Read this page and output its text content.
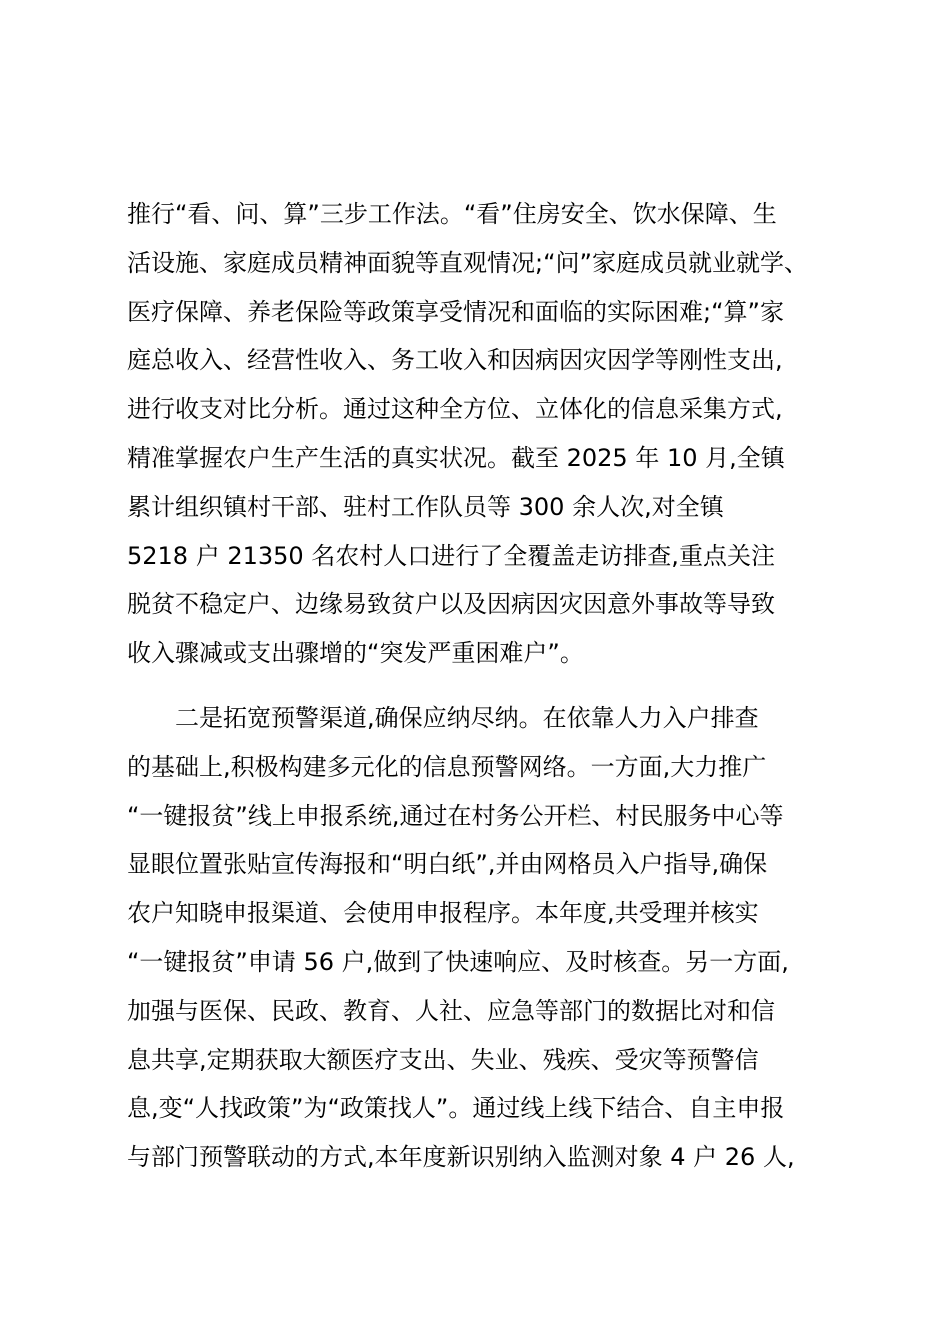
推行“看、问、算”三步工作法。“看”住房安全、饮水保障、生
活设施、家庭成员精神面貌等直观情况;“问”家庭成员就业就学、
医疗保障、养老保险等政策享受情况和面临的实际困难;“算”家
庭总收入、经营性收入、务工收入和因病因灾因学等刚性支出,
进行收支对比分析。通过这种全方位、立体化的信息采集方式,
精准掌握农户生产生活的真实状况。截至 2025 年 10 月,全镇
累计组织镇村干部、驻村工作队员等 300 余人次,对全镇
5218 户 21350 名农村人口进行了全覆盖走访排查,重点关注
脱贫不稳定户、边缘易致贫户以及因病因灾因意外事故等导致
收入骤减或支出骤增的“突发严重困难户”。
　　二是拓宽预警渠道,确保应纳尽纳。在依靠人力入户排查
的基础上,积极构建多元化的信息预警网络。一方面,大力推广
“一键报贫”线上申报系统,通过在村务公开栏、村民服务中心等
显眼位置张贴宣传海报和“明白纸”,并由网格员入户指导,确保
农户知晓申报渠道、会使用申报程序。本年度,共受理并核实
“一键报贫”申请 56 户,做到了快速响应、及时核查。另一方面,
加强与医保、民政、教育、人社、应急等部门的数据比对和信
息共享,定期获取大额医疗支出、失业、残疾、受灾等预警信
息,变“人找政策”为“政策找人”。通过线上线下结合、自主申报
与部门预警联动的方式,本年度新识别纳入监测对象 4 户 26 人,
